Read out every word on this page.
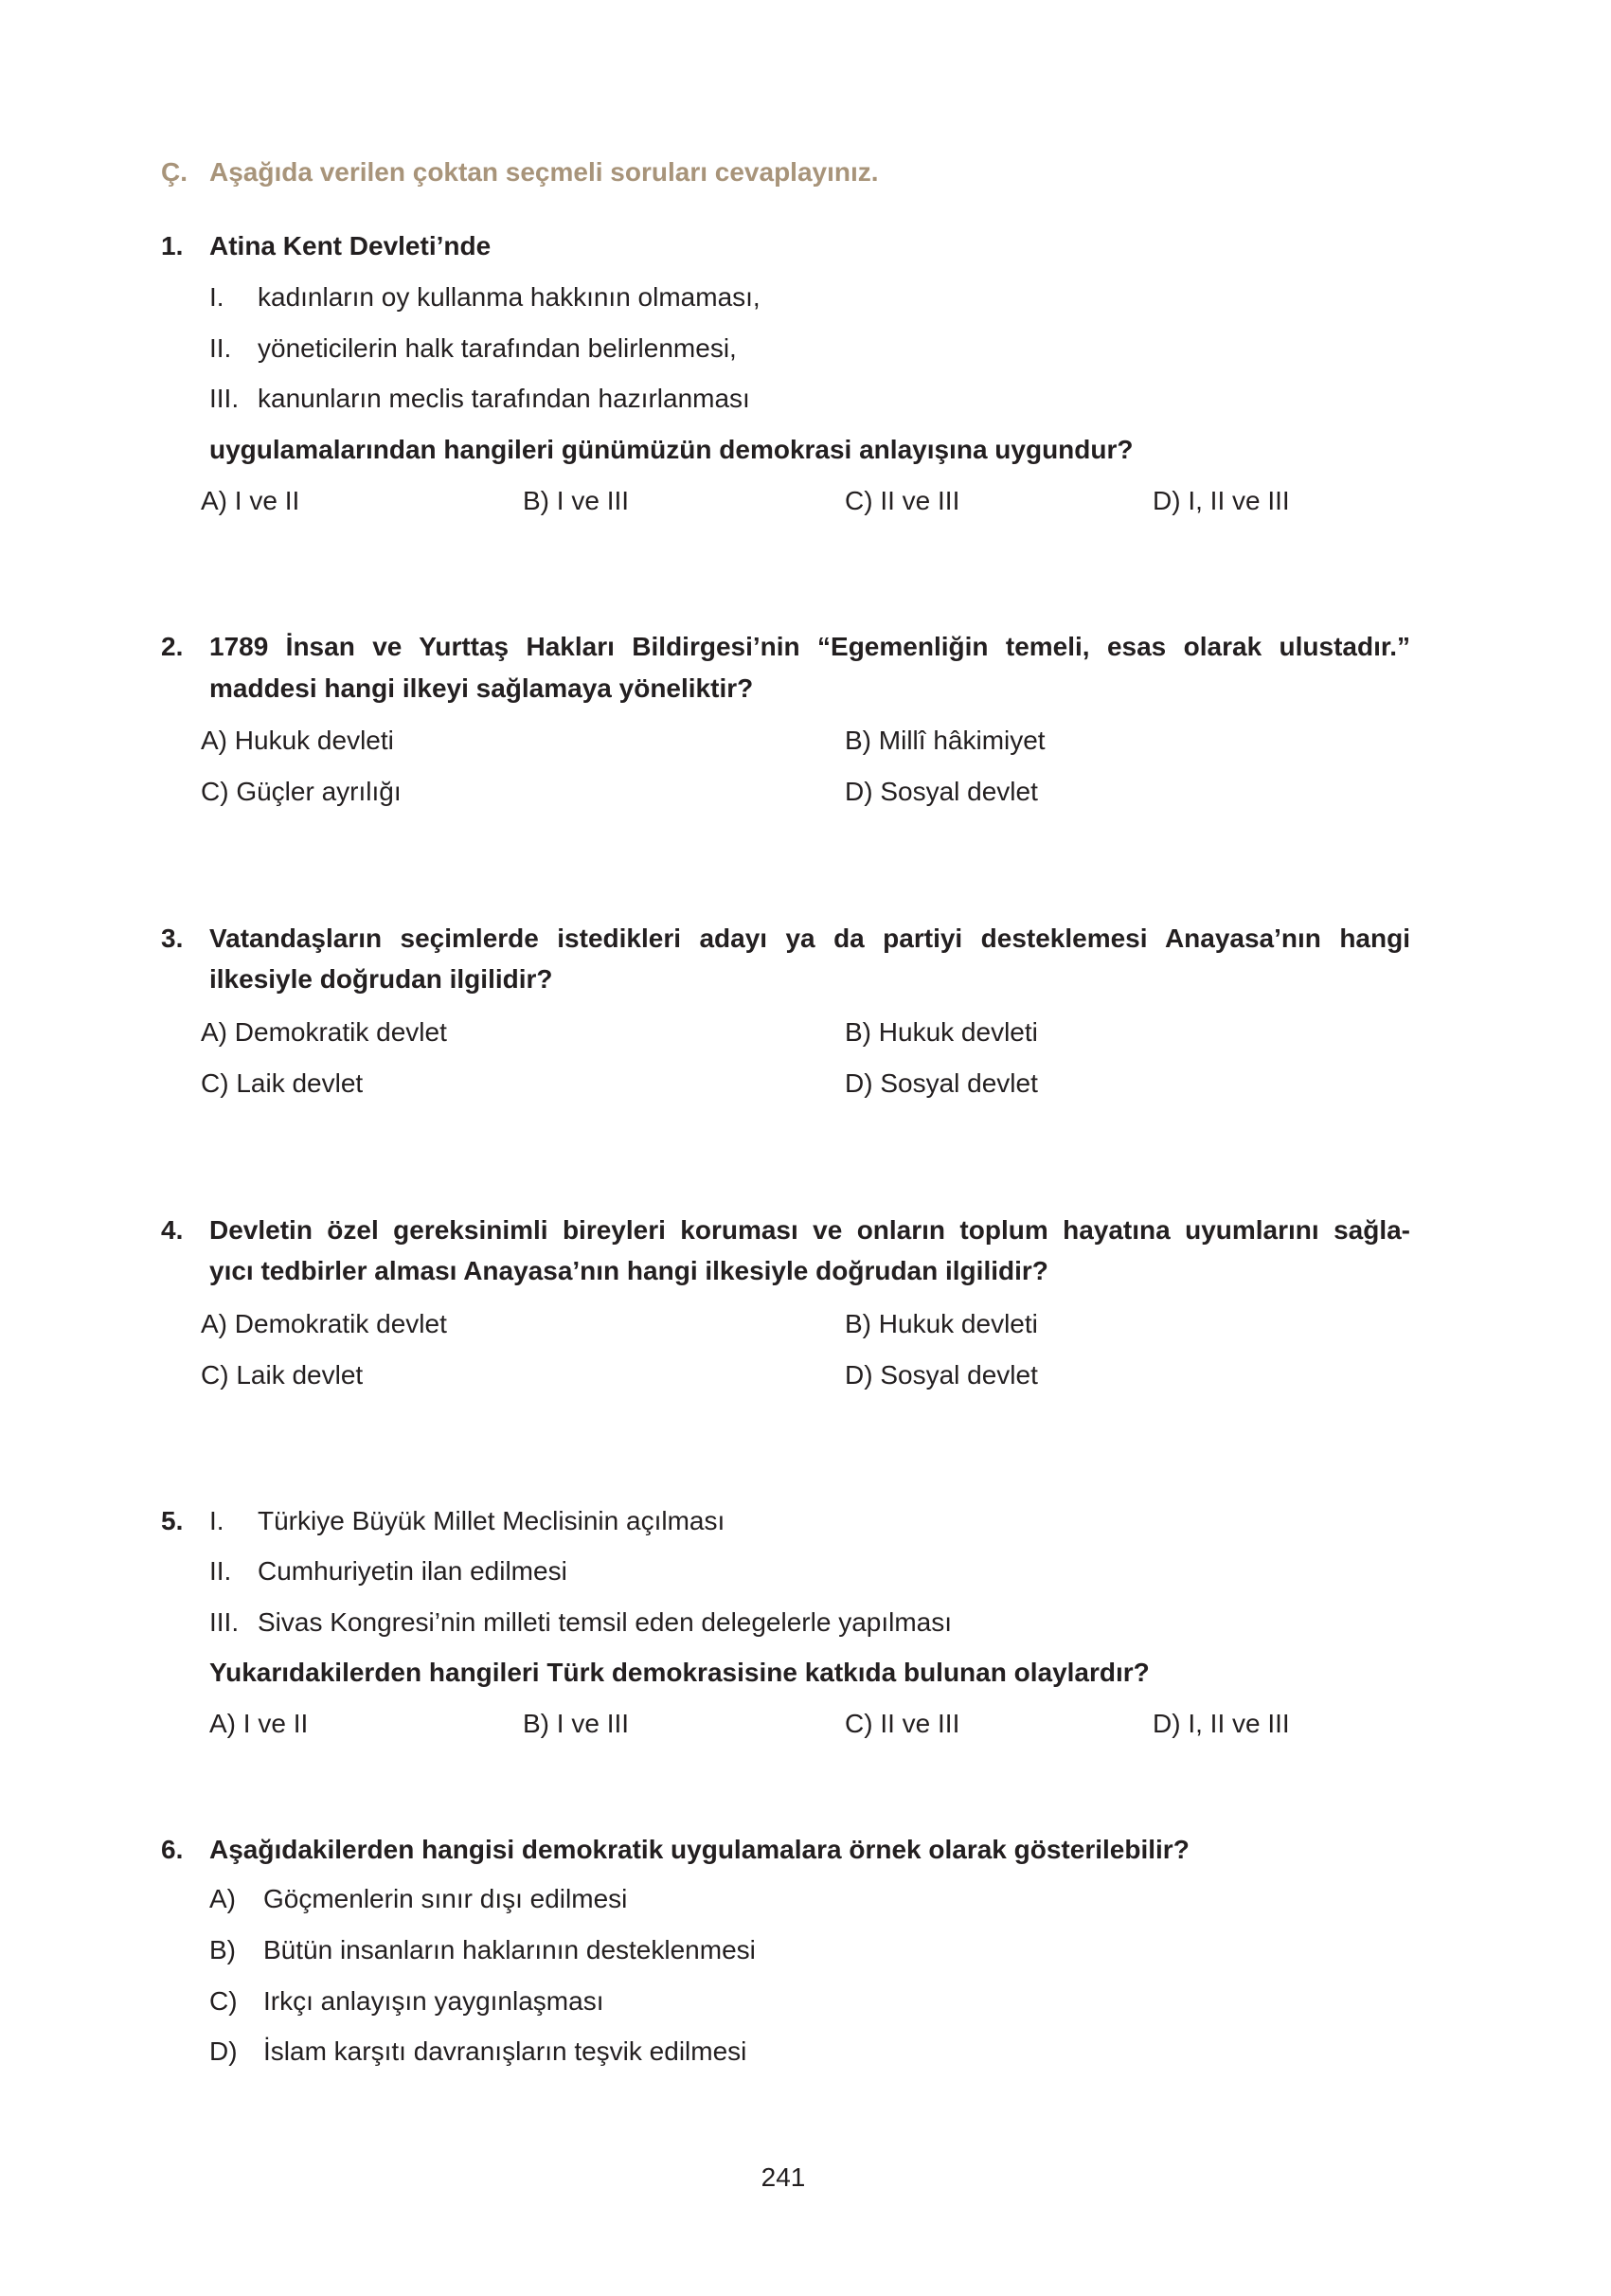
Ç. Aşağıda verilen çoktan seçmeli soruları cevaplayınız.
1. Atina Kent Devleti’nde
I. kadınların oy kullanma hakkının olmaması,
II. yöneticilerin halk tarafından belirlenmesi,
III. kanunların meclis tarafından hazırlanması
uygulamalarından hangileri günümüzün demokrasi anlayışına uygundur?
A) I ve II	B) I ve III	C) II ve III	D) I, II ve III
2. 1789 İnsan ve Yurttaş Hakları Bildirgesi’nin “Egemenliğin temeli, esas olarak ulustadır.”
maddesi hangi ilkeyi sağlamaya yöneliktir?
A) Hukuk devleti	B) Millî hâkimiyet
C) Güçler ayrılığı	D) Sosyal devlet
3. Vatandaşların seçimlerde istedikleri adayı ya da partiyi desteklemesi Anayasa’nın hangi
ilkesiyle doğrudan ilgilidir?
A) Demokratik devlet	B) Hukuk devleti
C) Laik devlet	D) Sosyal devlet
4. Devletin özel gereksinimli bireyleri koruması ve onların toplum hayatına uyumlarını sağla-
yıcı tedbirler alması Anayasa’nın hangi ilkesiyle doğrudan ilgilidir?
A) Demokratik devlet	B) Hukuk devleti
C) Laik devlet	D) Sosyal devlet
5. I. Türkiye Büyük Millet Meclisinin açılması
II. Cumhuriyetin ilan edilmesi
III. Sivas Kongresi’nin milleti temsil eden delegelerle yapılması
Yukarıdakilerden hangileri Türk demokrasisine katkıda bulunan olaylardır?
A) I ve II	B) I ve III	C) II ve III	D) I, II ve III
6. Aşağıdakilerden hangisi demokratik uygulamalara örnek olarak gösterilebilir?
A) Göçmenlerin sınır dışı edilmesi
B) Bütün insanların haklarının desteklenmesi
C) Irkçı anlayışın yaygınlaşması
D) İslam karşıtı davranışların teşvik edilmesi
241
